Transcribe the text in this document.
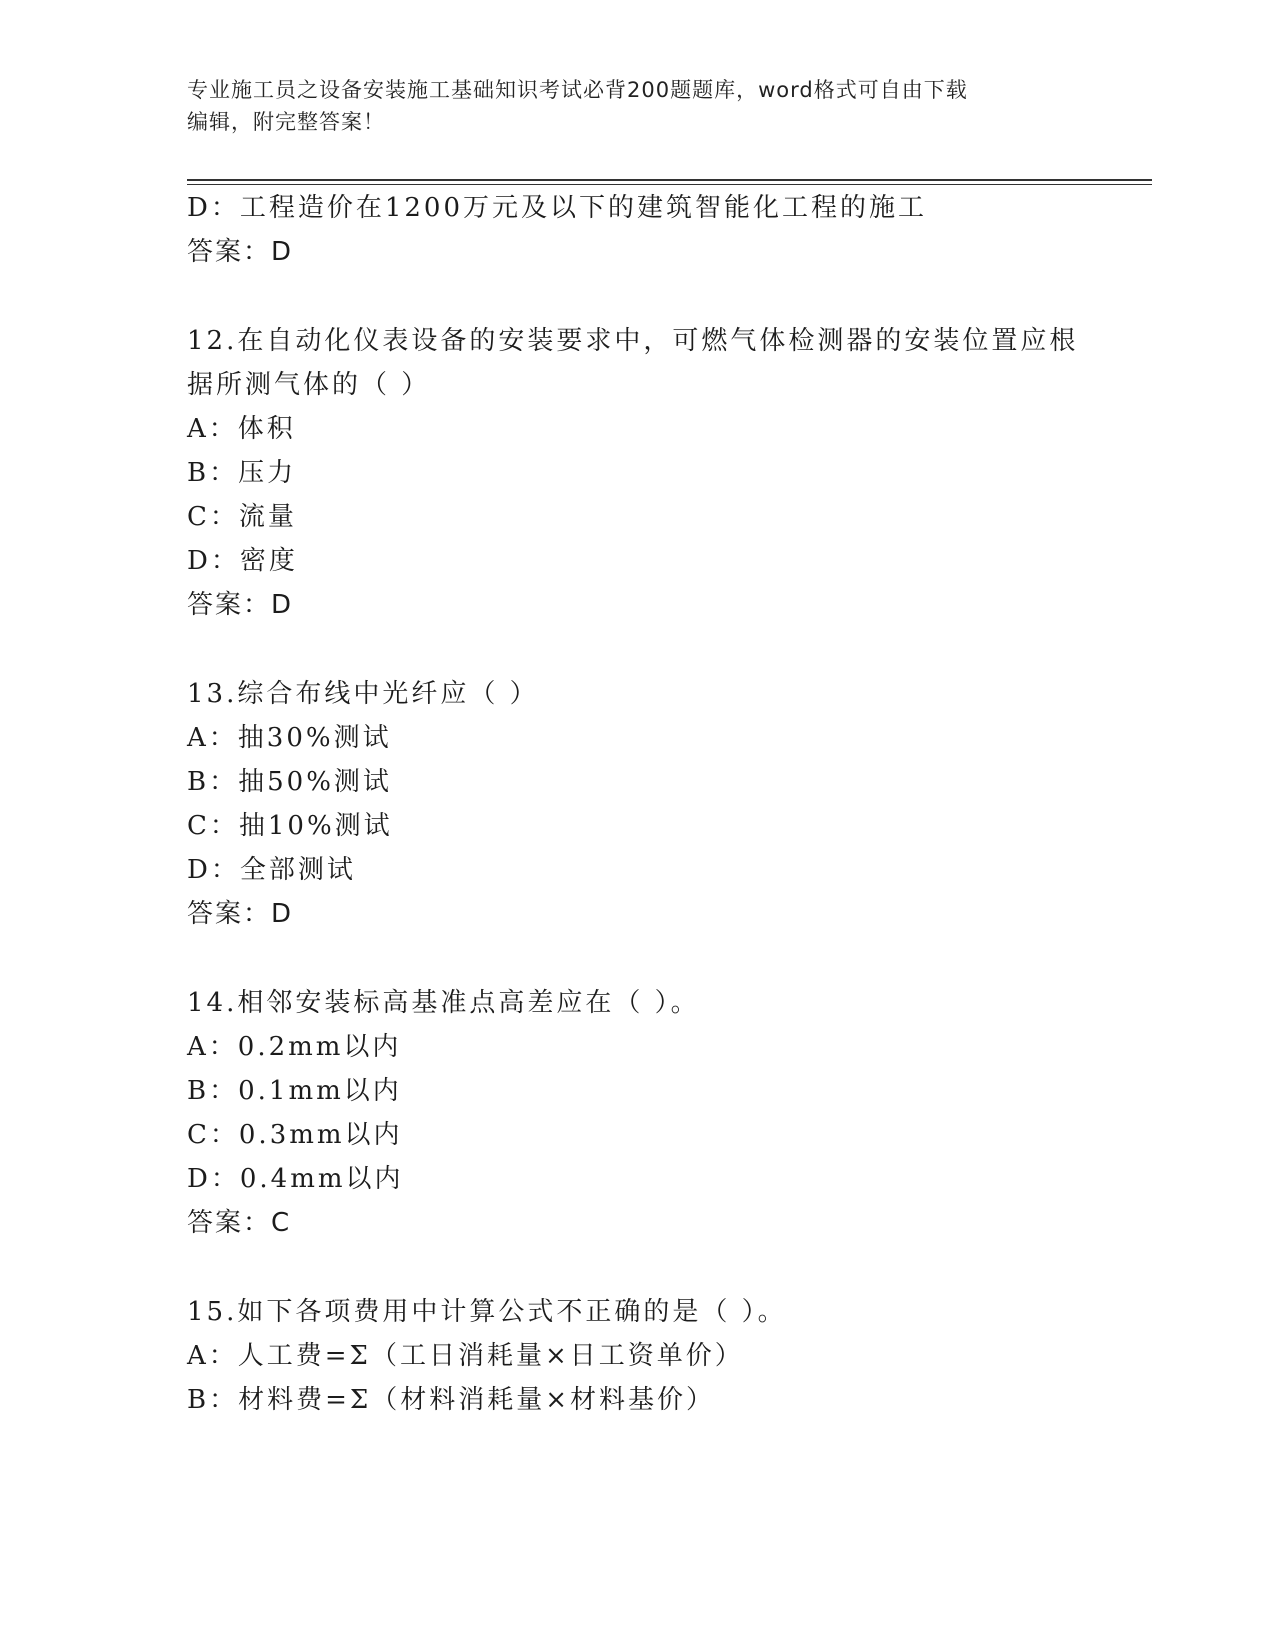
专业施工员之设备安装施工基础知识考试必背200题题库，word格式可自由下载
编辑，附完整答案！
D：工程造价在1200万元及以下的建筑智能化工程的施工
答案：D
12.在自动化仪表设备的安装要求中，可燃气体检测器的安装位置应根
据所测气体的（ ）
A：体积
B：压力
C：流量
D：密度
答案：D
13.综合布线中光纤应（ ）
A：抽30%测试
B：抽50%测试
C：抽10%测试
D：全部测试
答案：D
14.相邻安装标高基准点高差应在（ ）。
A：0.2mm以内
B：0.1mm以内
C：0.3mm以内
D：0.4mm以内
答案：C
15.如下各项费用中计算公式不正确的是（ ）。
A：人工费=Σ（工日消耗量×日工资单价）
B：材料费=Σ（材料消耗量×材料基价）
